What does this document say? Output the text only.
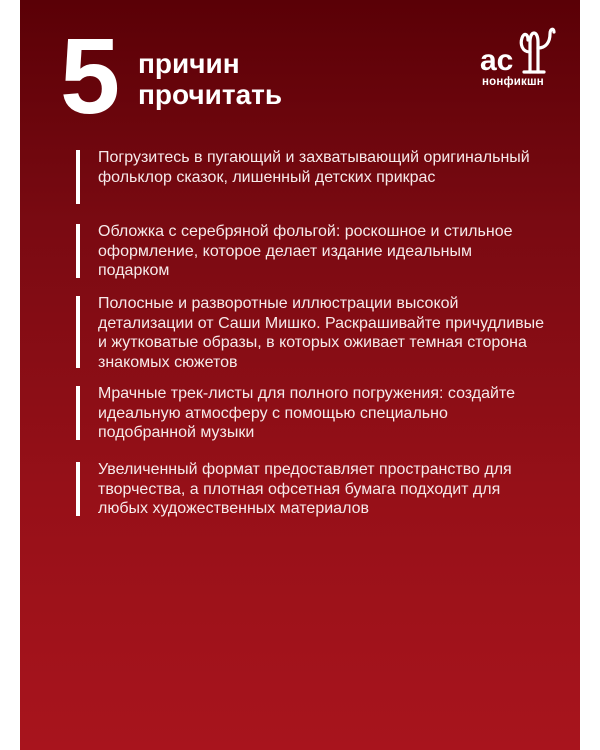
5 причин
прочитать
ac
нонфикшн
Погрузитесь в пугающий и захватывающий оригинальный фольклор сказок, лишенный детских прикрас
Обложка с серебряной фольгой: роскошное и стильное оформление, которое делает издание идеальным подарком
Полосные и разворотные иллюстрации высокой детализации от Саши Мишко. Раскрашивайте причудливые и жутковатые образы, в которых оживает темная сторона знакомых сюжетов
Мрачные трек-листы для полного погружения: создайте идеальную атмосферу с помощью специально подобранной музыки
Увеличенный формат предоставляет пространство для творчества, а плотная офсетная бумага подходит для любых художественных материалов
